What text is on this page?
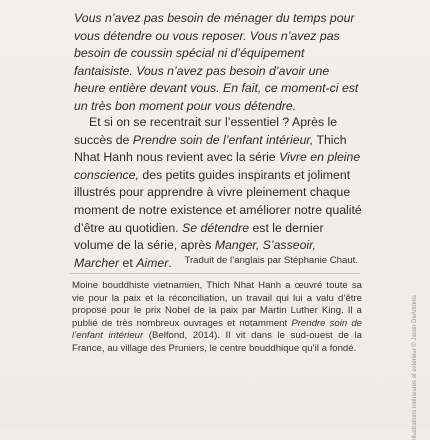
Vous n’avez pas besoin de ménager du temps pour vous détendre ou vous reposer. Vous n’avez pas besoin de coussin spécial ni d’équipement fantaisiste. Vous n’avez pas besoin d’avoir une heure entière devant vous. En fait, ce moment-ci est un très bon moment pour vous détendre.

Et si on se recentrait sur l’essentiel ? Après le succès de Prendre soin de l’enfant intérieur, Thich Nhat Hanh nous revient avec la série Vivre en pleine conscience, des petits guides inspirants et joliment illustrés pour apprendre à vivre pleinement chaque moment de notre existence et améliorer notre qualité d’être au quotidien. Se détendre est le dernier volume de la série, après Manger, S’asseoir, Marcher et Aimer.	Traduit de l’anglais par Stéphanie Chaut.

Moine bouddhiste vietnamien, Thich Nhat Hanh a œuvré toute sa vie pour la paix et la réconciliation, un travail qui lui a valu d’être proposé pour le prix Nobel de la paix par Martin Luther King. Il a publié de très nombreux ouvrages et notamment Prendre soin de l’enfant intérieur (Belfond, 2014). Il vit dans le sud-ouest de la France, au village des Pruniers, le centre bouddhique qu’il a fondé.	Illustrations intérieures et extérieur © Jason DeAntonis
